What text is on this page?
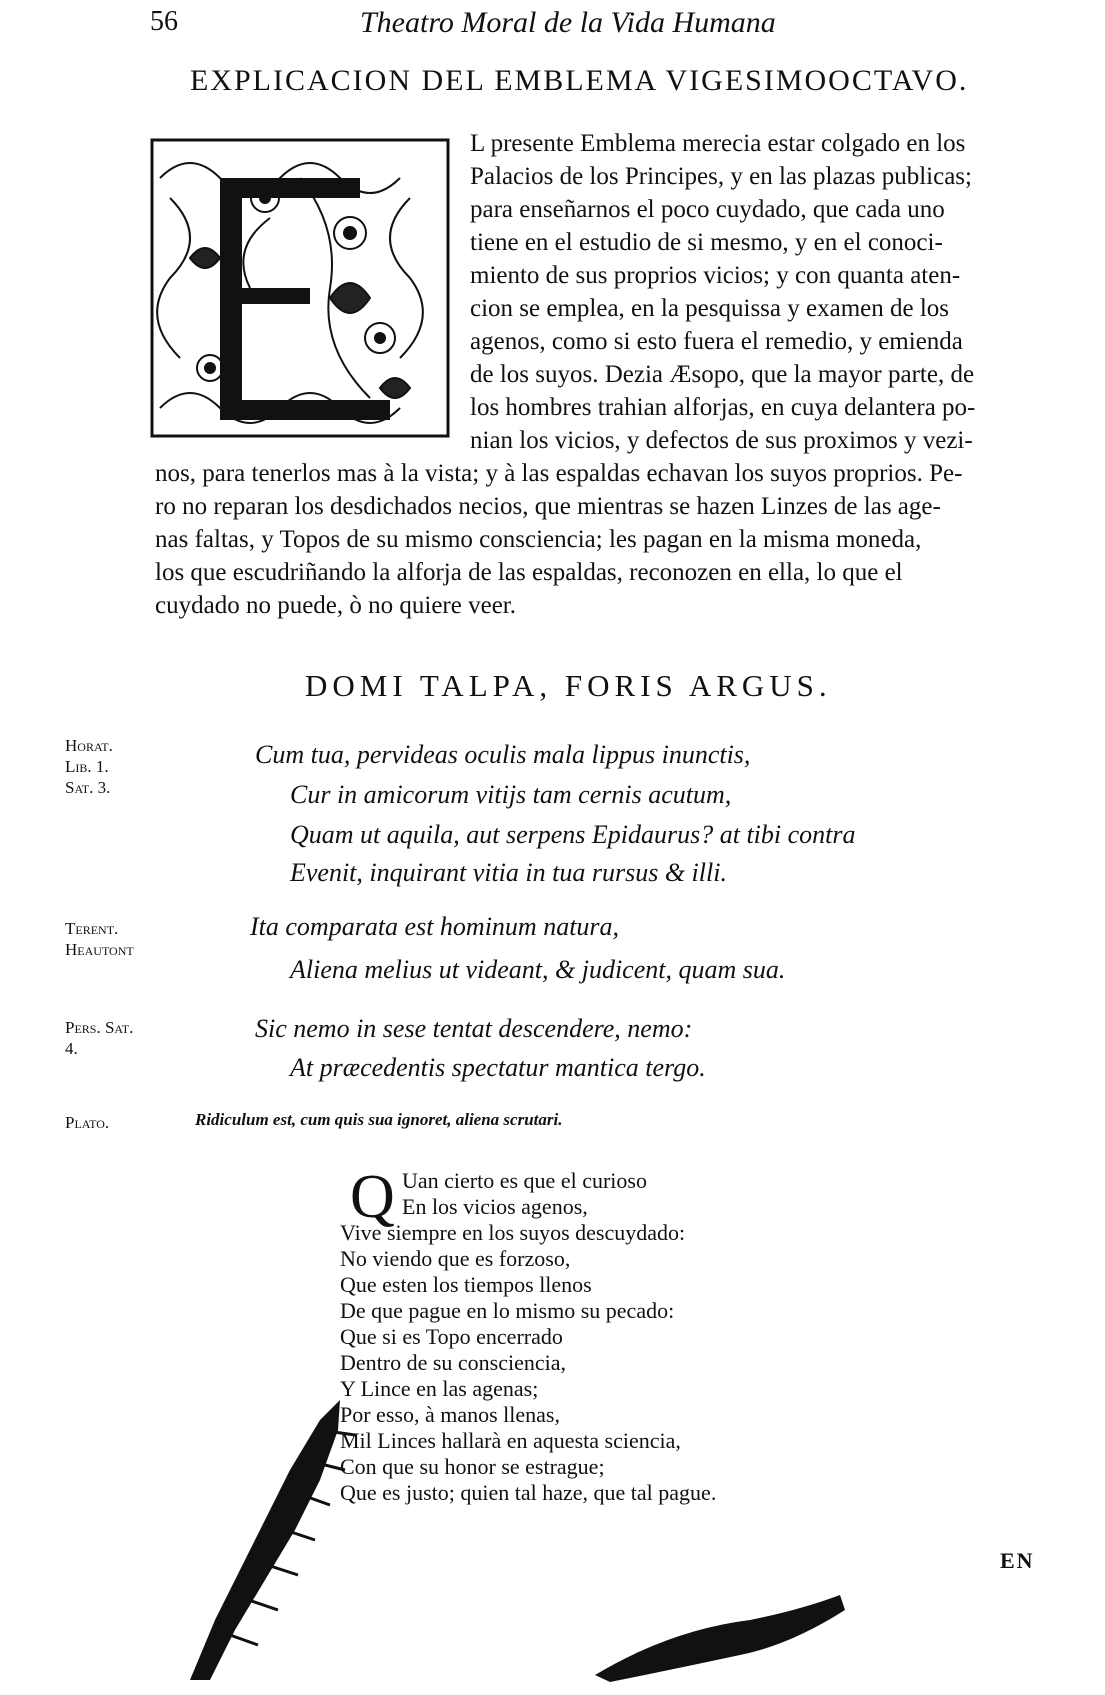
56	Theatro Moral de la Vida Humana
EXPLICACION DEL EMBLEMA VIGESIMOOCTAVO.
E
L presente Emblema merecia estar colgado en los
Palacios de los Principes, y en las plazas publicas;
para enseñarnos el poco cuydado, que cada uno
tiene en el estudio de si mesmo, y en el conoci-
miento de sus proprios vicios; y con quanta aten-
cion se emplea, en la pesquissa y examen de los
agenos, como si esto fuera el remedio, y emienda
de los suyos. Dezia Æsopo, que la mayor parte, de
los hombres trahian alforjas, en cuya delantera po-
nian los vicios, y defectos de sus proximos y vezi-
nos, para tenerlos mas à la vista; y à las espaldas echavan los suyos proprios. Pe-
ro no reparan los desdichados necios, que mientras se hazen Linzes de las age-
nas faltas, y Topos de su mismo consciencia; les pagan en la misma moneda,
los que escudriñando la alforja de las espaldas, reconozen en ella, lo que el
cuydado no puede, ò no quiere veer.
DOMI TALPA, FORIS ARGUS.
Horat.
Lib. 1.
Sat. 3.
Cum tua, pervideas oculis mala lippus inunctis,
Cur in amicorum vitijs tam cernis acutum,
Quam ut aquila, aut serpens Epidaurus? at tibi contra
Evenit, inquirant vitia in tua rursus & illi.
Terent.
Heautont
Ita comparata est hominum natura,
Aliena melius ut videant, & judicent, quam sua.
Pers. Sat.
4.
Sic nemo in sese tentat descendere, nemo:
At præcedentis spectatur mantica tergo.
Plato.	Ridiculum est, cum quis sua ignoret, aliena scrutari.
Q Uan cierto es que el curioso
En los vicios agenos,
Vive siempre en los suyos descuydado:
No viendo que es forzoso,
Que esten los tiempos llenos
De que pague en lo mismo su pecado:
Que si es Topo encerrado
Dentro de su consciencia,
Y Lince en las agenas;
Por esso, à manos llenas,
Mil Linces hallarà en aquesta sciencia,
Con que su honor se estrague;
Que es justo; quien tal haze, que tal pague.
EN
